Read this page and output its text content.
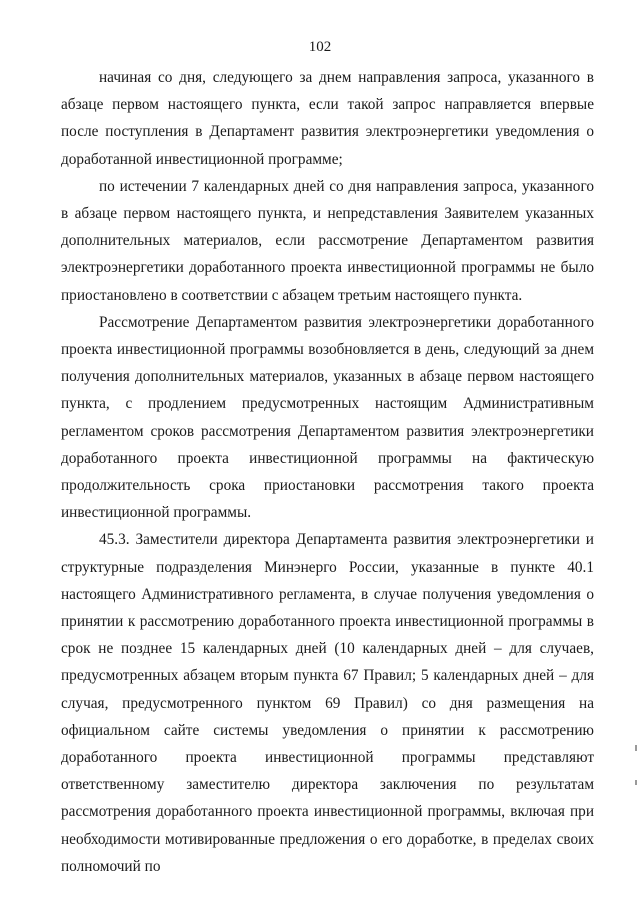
102

начиная со дня, следующего за днем направления запроса, указанного в абзаце первом настоящего пункта, если такой запрос направляется впервые после поступления в Департамент развития электроэнергетики уведомления о доработанной инвестиционной программе;

по истечении 7 календарных дней со дня направления запроса, указанного в абзаце первом настоящего пункта, и непредставления Заявителем указанных дополнительных материалов, если рассмотрение Департаментом развития электроэнергетики доработанного проекта инвестиционной программы не было приостановлено в соответствии с абзацем третьим настоящего пункта.

Рассмотрение Департаментом развития электроэнергетики доработанного проекта инвестиционной программы возобновляется в день, следующий за днем получения дополнительных материалов, указанных в абзаце первом настоящего пункта, с продлением предусмотренных настоящим Административным регламентом сроков рассмотрения Департаментом развития электроэнергетики доработанного проекта инвестиционной программы на фактическую продолжительность срока приостановки рассмотрения такого проекта инвестиционной программы.

45.3. Заместители директора Департамента развития электроэнергетики и структурные подразделения Минэнерго России, указанные в пункте 40.1 настоящего Административного регламента, в случае получения уведомления о принятии к рассмотрению доработанного проекта инвестиционной программы в срок не позднее 15 календарных дней (10 календарных дней – для случаев, предусмотренных абзацем вторым пункта 67 Правил; 5 календарных дней – для случая, предусмотренного пунктом 69 Правил) со дня размещения на официальном сайте системы уведомления о принятии к рассмотрению доработанного проекта инвестиционной программы представляют ответственному заместителю директора заключения по результатам рассмотрения доработанного проекта инвестиционной программы, включая при необходимости мотивированные предложения о его доработке, в пределах своих полномочий по
